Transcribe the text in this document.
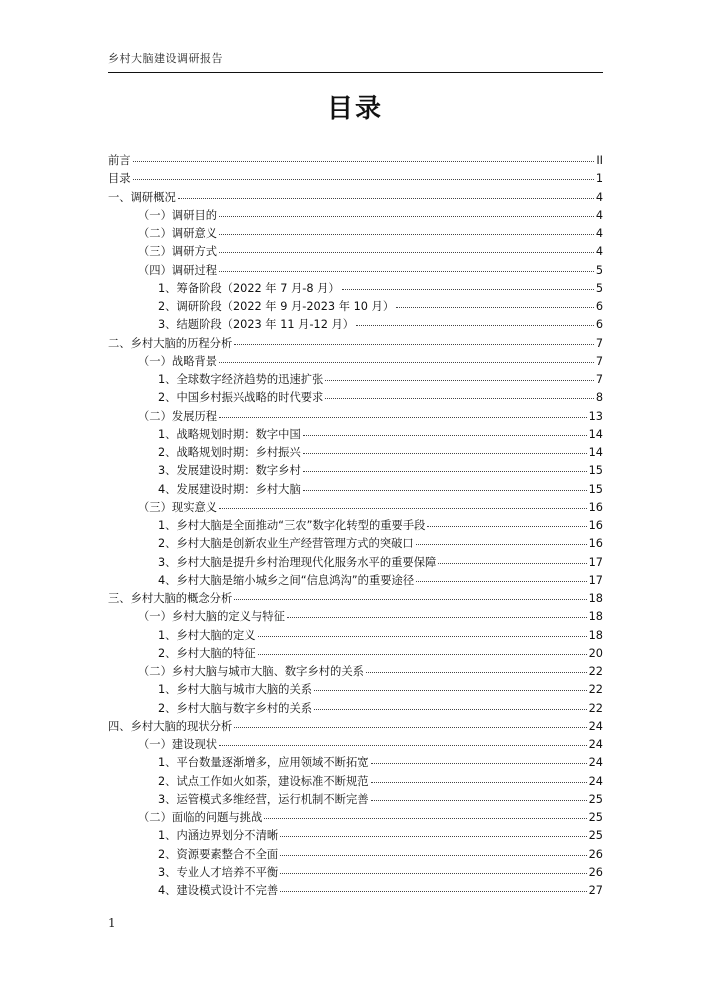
乡村大脑建设调研报告
目录
前言	II
目录	1
一、调研概况	4
（一）调研目的	4
（二）调研意义	4
（三）调研方式	4
（四）调研过程	5
1、筹备阶段（2022 年 7 月-8 月）	5
2、调研阶段（2022 年 9 月-2023 年 10 月）	6
3、结题阶段（2023 年 11 月-12 月）	6
二、乡村大脑的历程分析	7
（一）战略背景	7
1、全球数字经济趋势的迅速扩张	7
2、中国乡村振兴战略的时代要求	8
（二）发展历程	13
1、战略规划时期：数字中国	14
2、战略规划时期：乡村振兴	14
3、发展建设时期：数字乡村	15
4、发展建设时期：乡村大脑	15
（三）现实意义	16
1、乡村大脑是全面推动“三农”数字化转型的重要手段	16
2、乡村大脑是创新农业生产经营管理方式的突破口	16
3、乡村大脑是提升乡村治理现代化服务水平的重要保障	17
4、乡村大脑是缩小城乡之间“信息鸿沟”的重要途径	17
三、乡村大脑的概念分析	18
（一）乡村大脑的定义与特征	18
1、乡村大脑的定义	18
2、乡村大脑的特征	20
（二）乡村大脑与城市大脑、数字乡村的关系	22
1、乡村大脑与城市大脑的关系	22
2、乡村大脑与数字乡村的关系	22
四、乡村大脑的现状分析	24
（一）建设现状	24
1、平台数量逐渐增多，应用领域不断拓宽	24
2、试点工作如火如荼，建设标准不断规范	24
3、运管模式多维经营，运行机制不断完善	25
（二）面临的问题与挑战	25
1、内涵边界划分不清晰	25
2、资源要素整合不全面	26
3、专业人才培养不平衡	26
4、建设模式设计不完善	27
1
